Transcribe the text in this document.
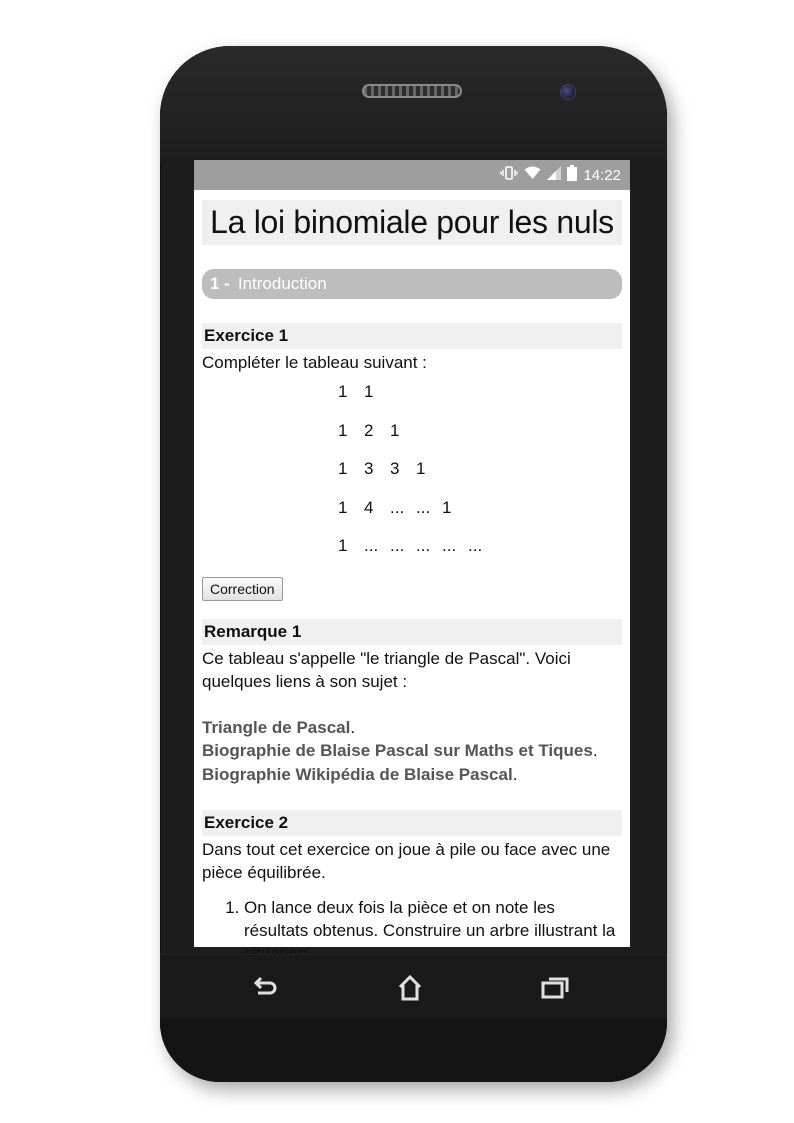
14:22
La loi binomiale pour les nuls
1 - Introduction
Exercice 1
Compléter le tableau suivant :
1 1
1 2 1
1 3 3 1
1 4 ... ... 1
1 ... ... ... ... ...
Correction
Remarque 1
Ce tableau s'appelle "le triangle de Pascal". Voici quelques liens à son sujet :
Triangle de Pascal.
Biographie de Blaise Pascal sur Maths et Tiques.
Biographie Wikipédia de Blaise Pascal.
Exercice 2
Dans tout cet exercice on joue à pile ou face avec une pièce équilibrée.
1. On lance deux fois la pièce et on note les résultats obtenus. Construire un arbre illustrant la
